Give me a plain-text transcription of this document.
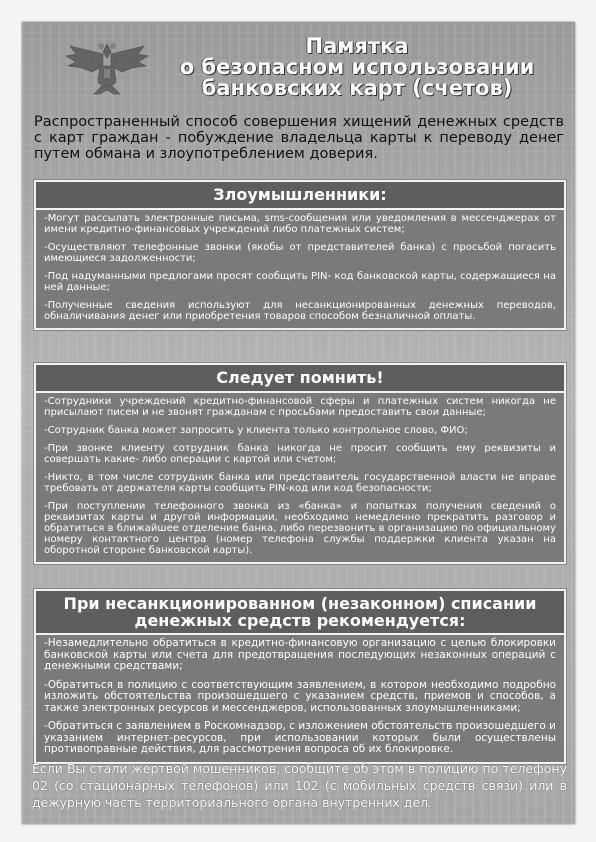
Памятка
о безопасном использовании
банковских карт (счетов)
Распространенный способ совершения хищений денежных средств с карт граждан - побуждение владельца карты к переводу денег путем обмана и злоупотреблением доверия.
Злоумышленники:
-Могут рассылать электронные письма, sms-сообщения или уведомления в мессенджерах от имени кредитно-финансовых учреждений либо платежных систем;
-Осуществляют телефонные звонки (якобы от представителей банка) с просьбой погасить имеющиеся задолженности;
-Под надуманными предлогами просят сообщить PIN- код банковской карты, содержащиеся на ней данные;
-Полученные сведения используют для несанкционированных денежных переводов, обналичивания денег или приобретения товаров способом безналичной оплаты.
Следует помнить!
-Сотрудники учреждений кредитно-финансовой сферы и платежных систем никогда не присылают писем и не звонят гражданам с просьбами предоставить свои данные;
-Сотрудник банка может запросить у клиента только контрольное слово, ФИО;
-При звонке клиенту сотрудник банка никогда не просит сообщить ему реквизиты и совершать какие- либо операции с картой или счетом;
-Никто, в том числе сотрудник банка или представитель государственной власти не вправе требовать от держателя карты сообщить PIN-код или код безопасности;
-При поступлении телефонного звонка из «банка» и попытках получения сведений о реквизитах карты и другой информации, необходимо немедленно прекратить разговор и обратиться в ближайшее отделение банка, либо перезвонить в организацию по официальному номеру контактного центра (номер телефона службы поддержки клиента указан на оборотной стороне банковской карты).
При несанкционированном (незаконном) списании денежных средств рекомендуется:
-Незамедлительно обратиться в кредитно-финансовую организацию с целью блокировки банковской карты или счета для предотвращения последующих незаконных операций с денежными средствами;
-Обратиться в полицию с соответствующим заявлением, в котором необходимо подробно изложить обстоятельства произошедшего с указанием средств, приемов и способов, а также электронных ресурсов и мессенджеров, использованных злоумышленниками;
-Обратиться с заявлением в Роскомнадзор, с изложением обстоятельств произошедшего и указанием интернет-ресурсов, при использовании которых были осуществлены противоправные действия, для рассмотрения вопроса об их блокировке.
Если Вы стали жертвой мошенников, сообщите об этом в полицию по телефону 02 (со стационарных телефонов) или 102 (с мобильных средств связи) или в дежурную часть территориального органа внутренних дел.
